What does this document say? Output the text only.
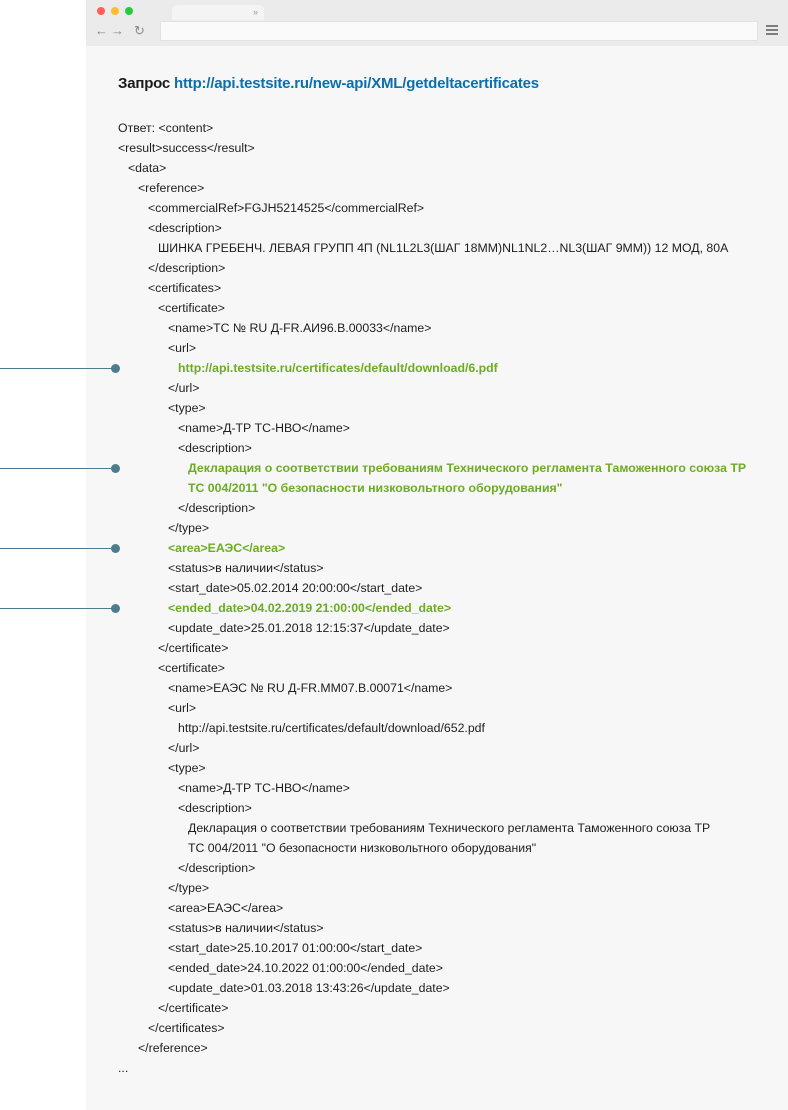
»
← → ↻
Запрос http://api.testsite.ru/new-api/XML/getdeltacertificates
Ответ: <content>
<result>success</result>
<data>
<reference>
<commercialRef>FGJH5214525</commercialRef>
<description>
ШИНКА ГРЕБЕНЧ. ЛЕВАЯ ГРУПП 4П (NL1L2L3(ШАГ 18MM)NL1NL2…NL3(ШАГ 9MM)) 12 МОД, 80А
</description>
<certificates>
<certificate>
<name>TC № RU Д-FR.АИ96.В.00033</name>
<url>
http://api.testsite.ru/certificates/default/download/6.pdf
</url>
<type>
<name>Д-ТР ТС-НВО</name>
<description>
Декларация о соответствии требованиям Технического регламента Таможенного союза ТР
ТС 004/2011 "О безопасности низковольтного оборудования"
</description>
</type>
<area>ЕАЭС</area>
<status>в наличии</status>
<start_date>05.02.2014 20:00:00</start_date>
<ended_date>04.02.2019 21:00:00</ended_date>
<update_date>25.01.2018 12:15:37</update_date>
</certificate>
<certificate>
<name>ЕАЭС № RU Д-FR.ММ07.В.00071</name>
<url>
http://api.testsite.ru/certificates/default/download/652.pdf
</url>
<type>
<name>Д-ТР ТС-НВО</name>
<description>
Декларация о соответствии требованиям Технического регламента Таможенного союза ТР
ТС 004/2011 "О безопасности низковольтного оборудования"
</description>
</type>
<area>ЕАЭС</area>
<status>в наличии</status>
<start_date>25.10.2017 01:00:00</start_date>
<ended_date>24.10.2022 01:00:00</ended_date>
<update_date>01.03.2018 13:43:26</update_date>
</certificate>
</certificates>
</reference>
...
